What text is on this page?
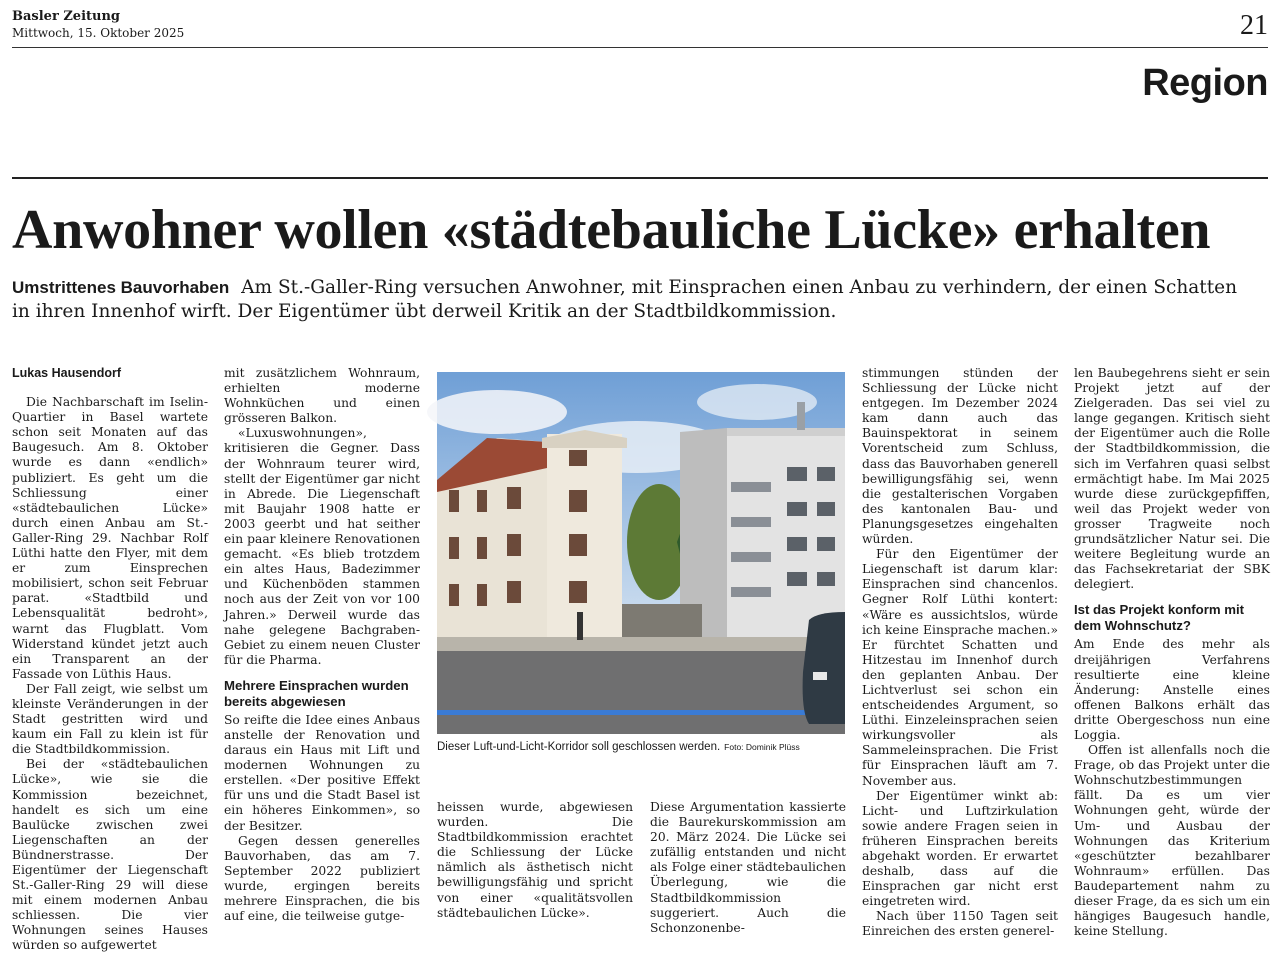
Basler Zeitung
Mittwoch, 15. Oktober 2025	21
Region
Anwohner wollen «städtebauliche Lücke» erhalten
Umstrittenes Bauvorhaben Am St.-Galler-Ring versuchen Anwohner, mit Einsprachen einen Anbau zu verhindern, der einen Schatten in ihren Innenhof wirft. Der Eigentümer übt derweil Kritik an der Stadtbildkommission.

Lukas Hausendorf

Die Nachbarschaft im Iselin-Quartier in Basel wartete schon seit Monaten auf das Baugesuch. Am 8. Oktober wurde es dann «endlich» publiziert. Es geht um die Schliessung einer «städtebaulichen Lücke» durch einen Anbau am St.-Galler-Ring 29. Nachbar Rolf Lüthi hatte den Flyer, mit dem er zum Einsprechen mobilisiert, schon seit Februar parat. «Stadtbild und Lebensqualität bedroht», warnt das Flugblatt. Vom Widerstand kündet jetzt auch ein Transparent an der Fassade von Lüthis Haus.

Der Fall zeigt, wie selbst um kleinste Veränderungen in der Stadt gestritten wird und kaum ein Fall zu klein ist für die Stadtbildkommission.

Bei der «städtebaulichen Lücke», wie sie die Kommission bezeichnet, handelt es sich um eine Baulücke zwischen zwei Liegenschaften an der Bündnerstrasse. Der Eigentümer der Liegenschaft St.-Galler-Ring 29 will diese mit einem modernen Anbau schliessen. Die vier Wohnungen seines Hauses würden so aufgewertet

mit zusätzlichem Wohnraum, erhielten moderne Wohnküchen und einen grösseren Balkon.

«Luxuswohnungen», kritisieren die Gegner. Dass der Wohnraum teurer wird, stellt der Eigentümer gar nicht in Abrede. Die Liegenschaft mit Baujahr 1908 hatte er 2003 geerbt und hat seither ein paar kleinere Renovationen gemacht. «Es blieb trotzdem ein altes Haus, Badezimmer und Küchenböden stammen noch aus der Zeit von vor 100 Jahren.» Derweil wurde das nahe gelegene Bachgraben-Gebiet zu einem neuen Cluster für die Pharma.

Mehrere Einsprachen wurden bereits abgewiesen

So reifte die Idee eines Anbaus anstelle der Renovation und daraus ein Haus mit Lift und modernen Wohnungen zu erstellen. «Der positive Effekt für uns und die Stadt Basel ist ein höheres Einkommen», so der Besitzer.

Gegen dessen generelles Bauvorhaben, das am 7. September 2022 publiziert wurde, ergingen bereits mehrere Einsprachen, die bis auf eine, die teilweise gutge-

Dieser Luft-und-Licht-Korridor soll geschlossen werden. Foto: Dominik Plüss

heissen wurde, abgewiesen wurden. Die Stadtbildkommission erachtet die Schliessung der Lücke nämlich als ästhetisch nicht bewilligungsfähig und spricht von einer «qualitätsvollen städtebaulichen Lücke».

Diese Argumentation kassierte die Baurekurskommission am 20. März 2024. Die Lücke sei zufällig entstanden und nicht als Folge einer städtebaulichen Überlegung, wie die Stadtbildkommission suggeriert. Auch die Schonzonenbe-

stimmungen stünden der Schliessung der Lücke nicht entgegen. Im Dezember 2024 kam dann auch das Bauinspektorat in seinem Vorentscheid zum Schluss, dass das Bauvorhaben generell bewilligungsfähig sei, wenn die gestalterischen Vorgaben des kantonalen Bau- und Planungsgesetzes eingehalten würden.

Für den Eigentümer der Liegenschaft ist darum klar: Einsprachen sind chancenlos. Gegner Rolf Lüthi kontert: «Wäre es aussichtslos, würde ich keine Einsprache machen.» Er fürchtet Schatten und Hitzestau im Innenhof durch den geplanten Anbau. Der Lichtverlust sei schon ein entscheidendes Argument, so Lüthi. Einzeleinsprachen seien wirkungsvoller als Sammeleinsprachen. Die Frist für Einsprachen läuft am 7. November aus.

Der Eigentümer winkt ab: Licht- und Luftzirkulation sowie andere Fragen seien in früheren Einsprachen bereits abgehakt worden. Er erwartet deshalb, dass auf die Einsprachen gar nicht erst eingetreten wird.

Nach über 1150 Tagen seit Einreichen des ersten generel-

len Baubegehrens sieht er sein Projekt jetzt auf der Zielgeraden. Das sei viel zu lange gegangen. Kritisch sieht der Eigentümer auch die Rolle der Stadtbildkommission, die sich im Verfahren quasi selbst ermächtigt habe. Im Mai 2025 wurde diese zurückgepfiffen, weil das Projekt weder von grosser Tragweite noch grundsätzlicher Natur sei. Die weitere Begleitung wurde an das Fachsekretariat der SBK delegiert.

Ist das Projekt konform mit dem Wohnschutz?

Am Ende des mehr als dreijährigen Verfahrens resultierte eine kleine Änderung: Anstelle eines offenen Balkons erhält das dritte Obergeschoss nun eine Loggia.

Offen ist allenfalls noch die Frage, ob das Projekt unter die Wohnschutzbestimmungen fällt. Da es um vier Wohnungen geht, würde der Um- und Ausbau der Wohnungen das Kriterium «geschützter bezahlbarer Wohnraum» erfüllen. Das Baudepartement nahm zu dieser Frage, da es sich um ein hängiges Baugesuch handle, keine Stellung.
